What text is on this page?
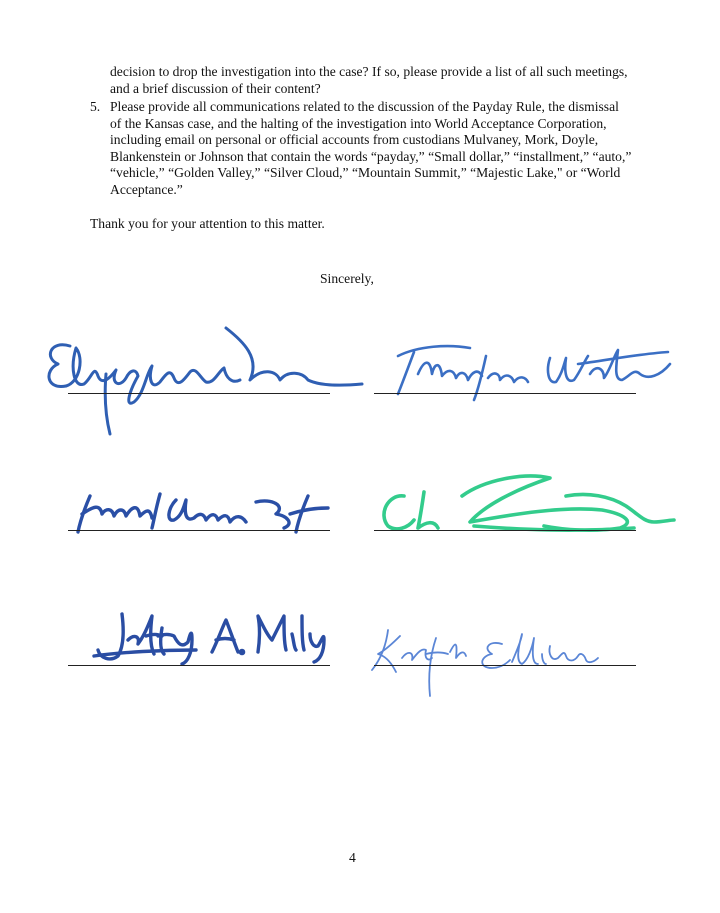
decision to drop the investigation into the case? If so, please provide a list of all such meetings, and a brief discussion of their content?
5. Please provide all communications related to the discussion of the Payday Rule, the dismissal of the Kansas case, and the halting of the investigation into World Acceptance Corporation, including email on personal or official accounts from custodians Mulvaney, Mork, Doyle, Blankenstein or Johnson that contain the words “payday,” “Small dollar,” “installment,” “auto,” “vehicle,” “Golden Valley,” “Silver Cloud,” “Mountain Summit,” “Majestic Lake," or “World Acceptance.”
Thank you for your attention to this matter.
Sincerely,
4
